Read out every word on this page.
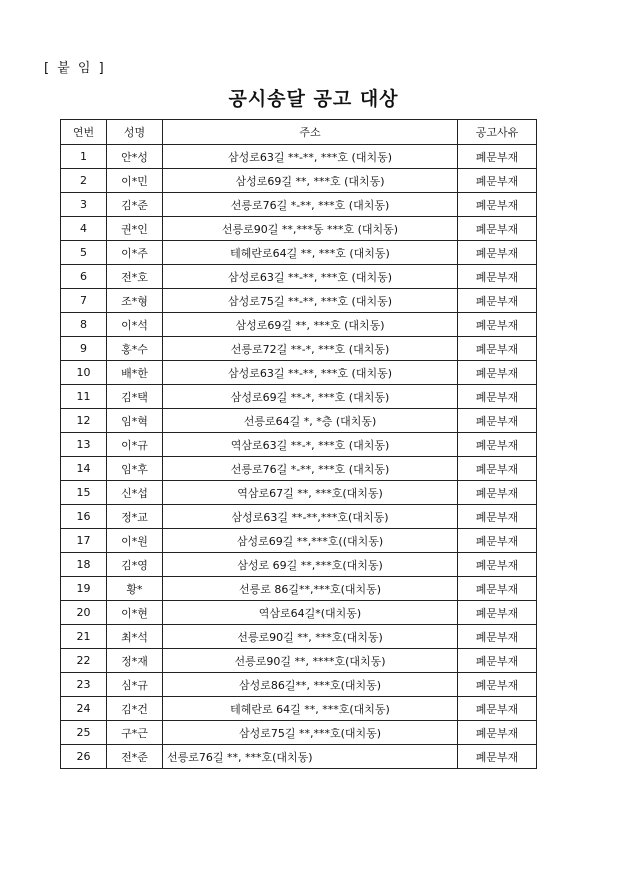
[ 붙 임 ]
공시송달 공고 대상
연번	성명	주소	공고사유
1	안*성	삼성로63길 **-**, ***호 (대치동)	폐문부재
2	이*민	삼성로69길 **, ***호 (대치동)	폐문부재
3	김*준	선릉로76길 *-**, ***호 (대치동)	폐문부재
4	권*인	선릉로90길 **,***동 ***호 (대치동)	폐문부재
5	이*주	테헤란로64길 **, ***호 (대치동)	폐문부재
6	전*호	삼성로63길 **-**, ***호 (대치동)	폐문부재
7	조*형	삼성로75길 **-**, ***호 (대치동)	폐문부재
8	이*석	삼성로69길 **, ***호 (대치동)	폐문부재
9	홍*수	선릉로72길 **-*, ***호 (대치동)	폐문부재
10	배*한	삼성로63길 **-**, ***호 (대치동)	폐문부재
11	김*택	삼성로69길 **-*, ***호 (대치동)	폐문부재
12	임*혁	선릉로64길 *, *층 (대치동)	폐문부재
13	이*규	역삼로63길 **-*, ***호 (대치동)	폐문부재
14	임*후	선릉로76길 *-**, ***호 (대치동)	폐문부재
15	신*섭	역삼로67길 **, ***호(대치동)	폐문부재
16	정*교	삼성로63길 **-**,***호(대치동)	폐문부재
17	이*원	삼성로69길 **,***호((대치동)	폐문부재
18	김*영	삼성로 69길 **,***호(대치동)	폐문부재
19	황*	선릉로 86길**,***호(대치동)	폐문부재
20	이*현	역삼로64길*(대치동)	폐문부재
21	최*석	선릉로90길 **, ***호(대치동)	폐문부재
22	정*재	선릉로90길 **, ****호(대치동)	폐문부재
23	심*규	삼성로86길**, ***호(대치동)	폐문부재
24	김*건	테헤란로 64길 **, ***호(대치동)	폐문부재
25	구*근	삼성로75길 **,***호(대치동)	폐문부재
26	전*준	선릉로76길 **, ***호(대치동)	폐문부재
